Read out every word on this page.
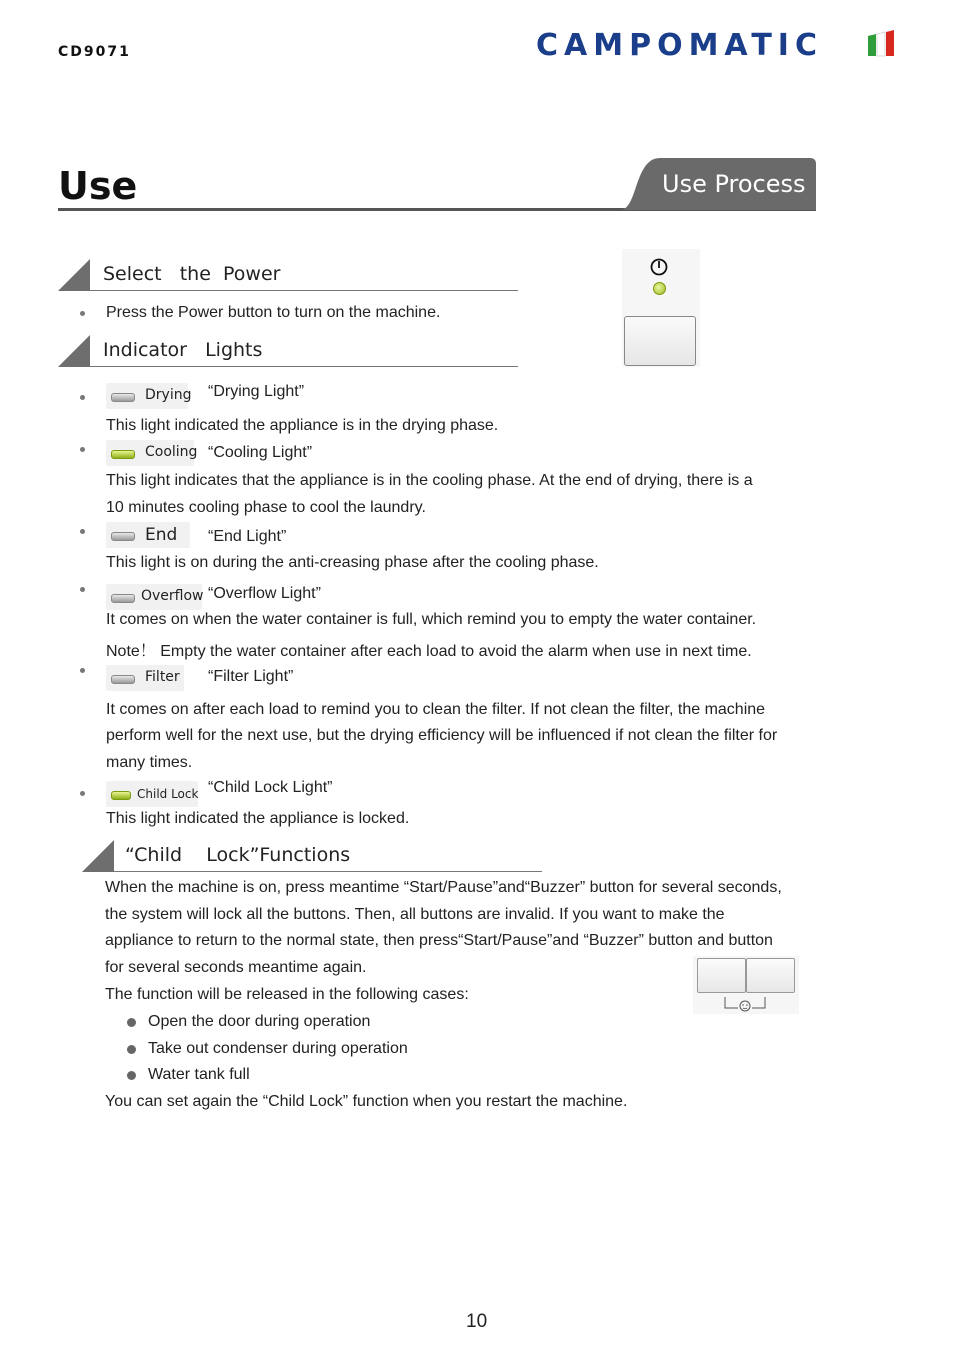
CD9071	CAMPOMATIC
Use	Use Process
Select   the  Power
Press the Power button to turn on the machine.
Indicator   Lights
Drying “Drying Light”
This light indicated the appliance is in the drying phase.
Cooling “Cooling Light”
This light indicates that the appliance is in the cooling phase. At the end of drying, there is a
10 minutes cooling phase to cool the laundry.
End “End Light”
This light is on during the anti-creasing phase after the cooling phase.
Overflow “Overflow Light”
It comes on when the water container is full, which remind you to empty the water container.
Note！ Empty the water container after each load to avoid the alarm when use in next time.
Filter “Filter Light”
It comes on after each load to remind you to clean the filter. If not clean the filter, the machine
perform well for the next use, but the drying efficiency will be influenced if not clean the filter for
many times.
Child Lock “Child Lock Light”
This light indicated the appliance is locked.
“Child    Lock”Functions
When the machine is on, press meantime “Start/Pause”and“Buzzer” button for several seconds,
the system will lock all the buttons. Then, all buttons are invalid. If you want to make the
appliance to return to the normal state, then press“Start/Pause”and “Buzzer” button and button
for several seconds meantime again.
The function will be released in the following cases:
Open the door during operation
Take out condenser during operation
Water tank full
You can set again the “Child Lock” function when you restart the machine.
10
